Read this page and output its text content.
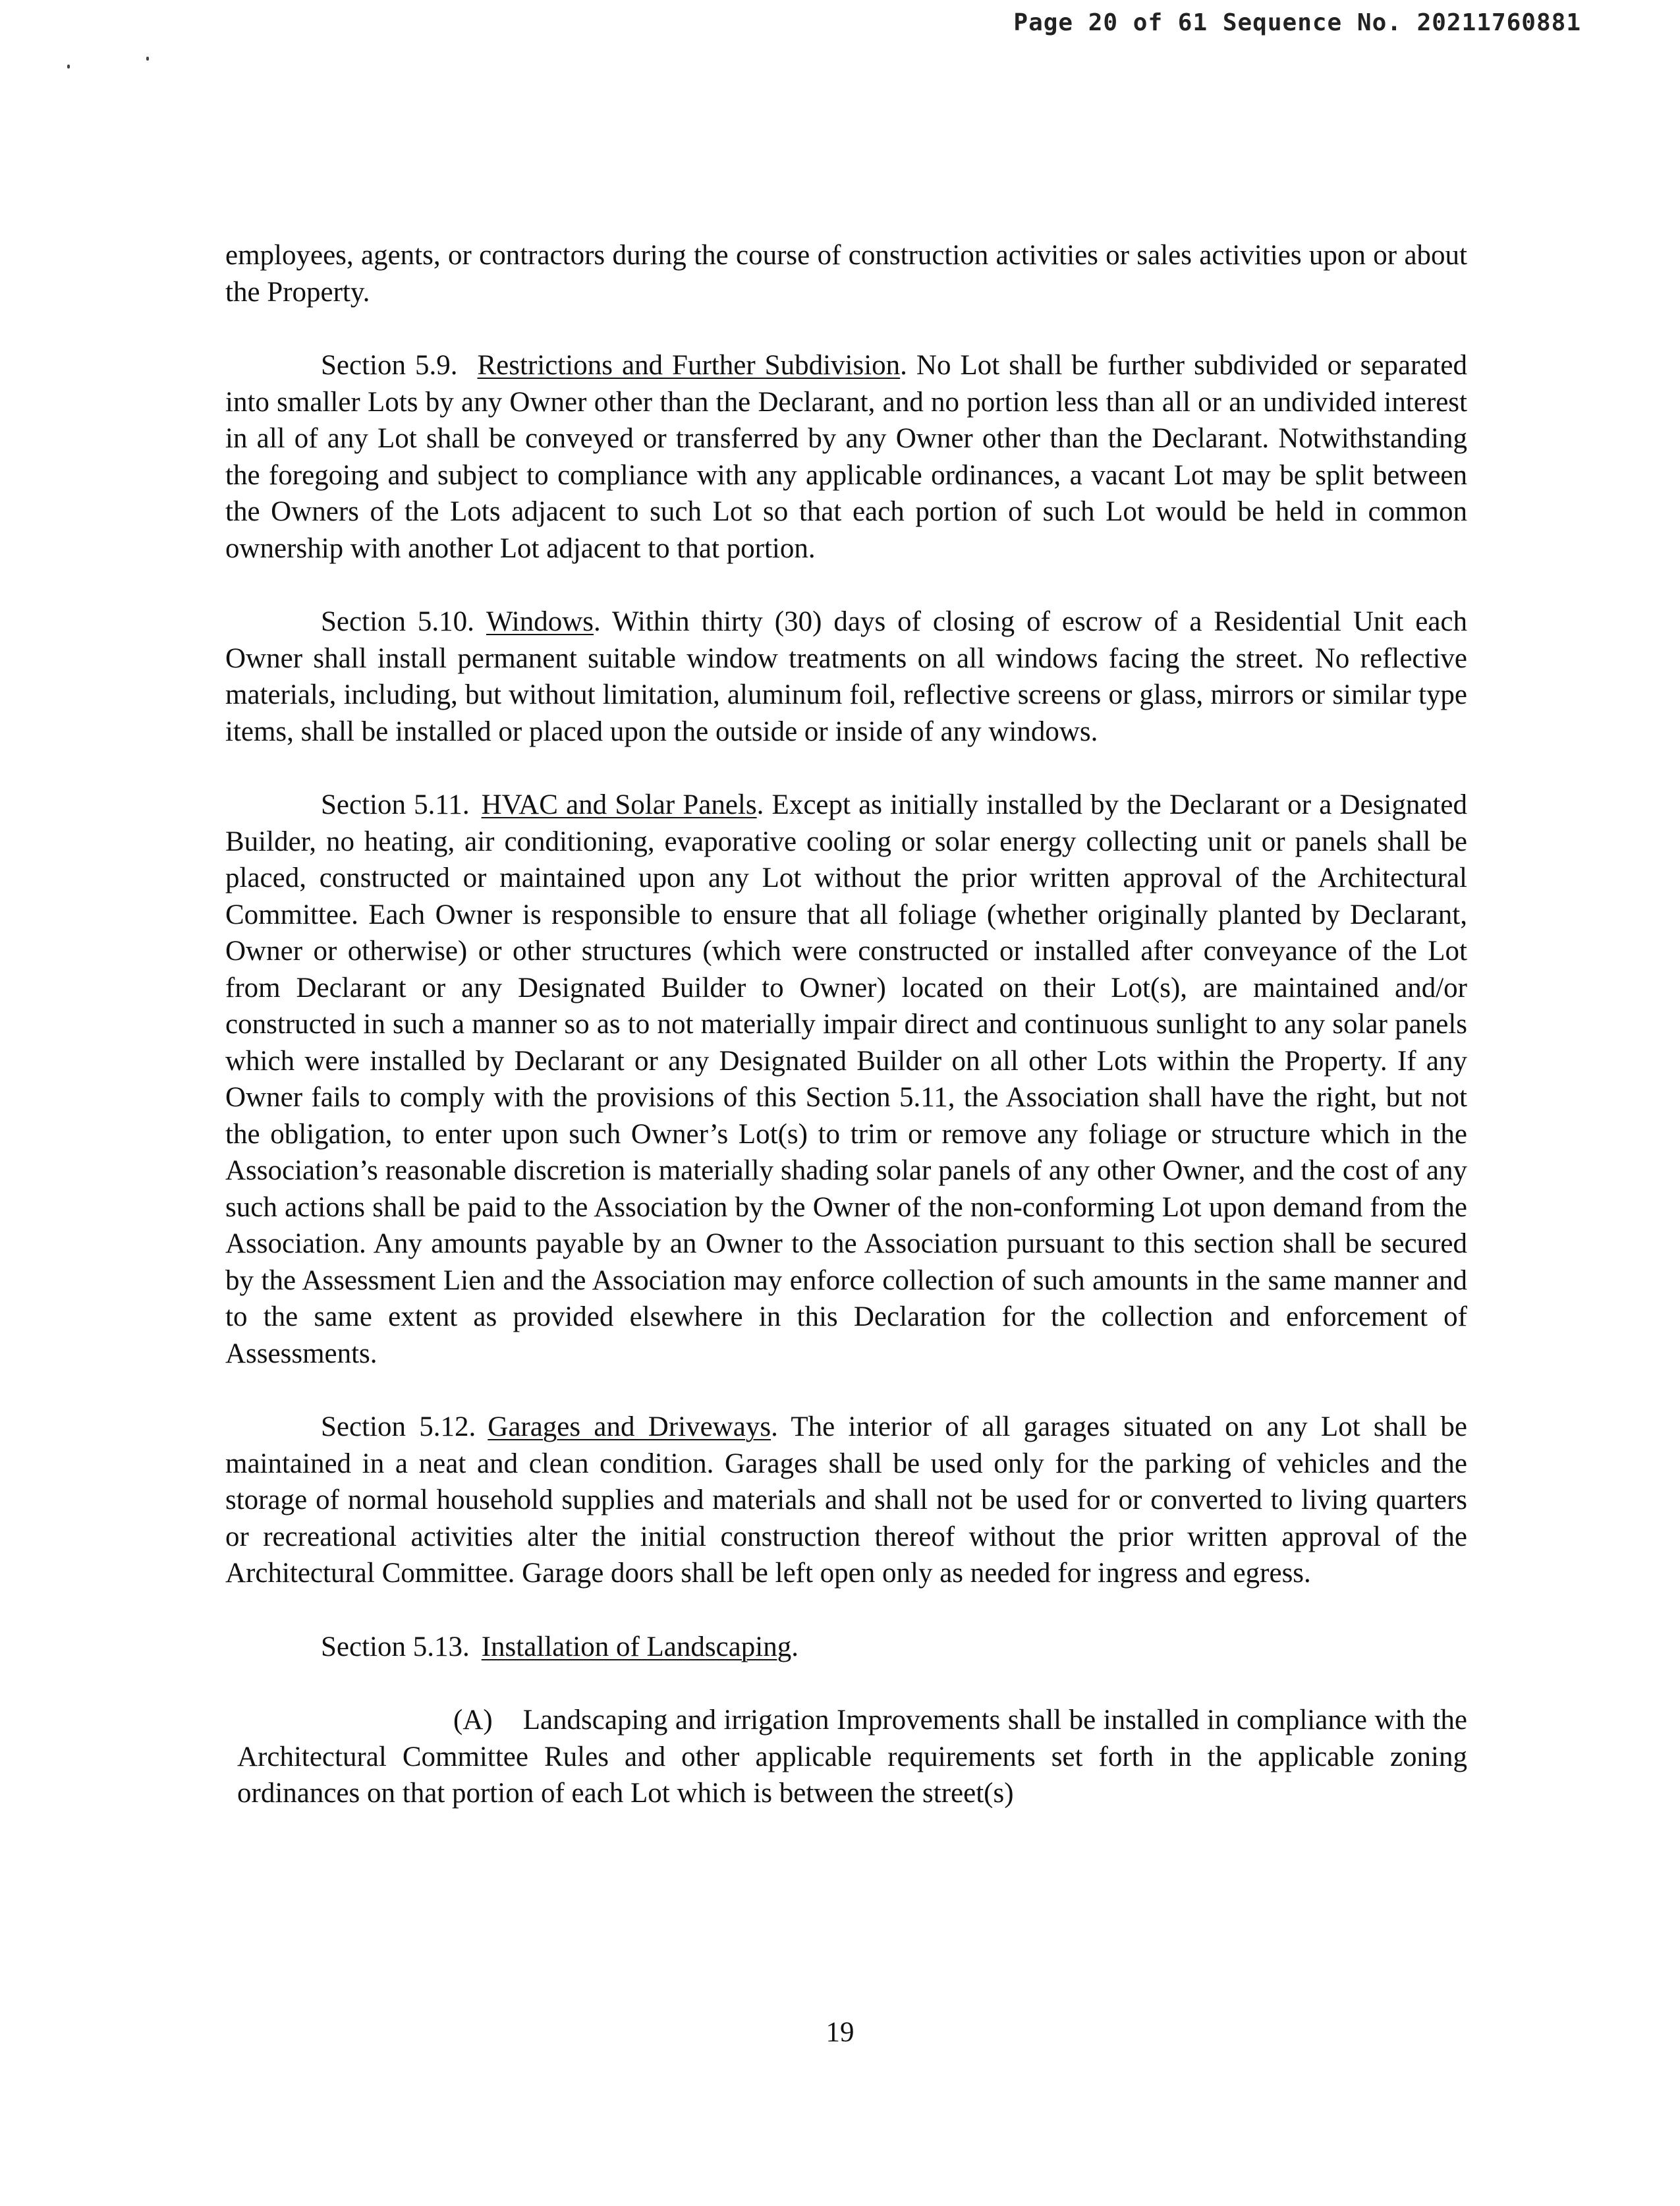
Page 20 of 61 Sequence No. 20211760881

employees, agents, or contractors during the course of construction activities or sales activities upon or about the Property.

Section 5.9. Restrictions and Further Subdivision. No Lot shall be further subdivided or separated into smaller Lots by any Owner other than the Declarant, and no portion less than all or an undivided interest in all of any Lot shall be conveyed or transferred by any Owner other than the Declarant. Notwithstanding the foregoing and subject to compliance with any applicable ordinances, a vacant Lot may be split between the Owners of the Lots adjacent to such Lot so that each portion of such Lot would be held in common ownership with another Lot adjacent to that portion.

Section 5.10. Windows. Within thirty (30) days of closing of escrow of a Residential Unit each Owner shall install permanent suitable window treatments on all windows facing the street. No reflective materials, including, but without limitation, aluminum foil, reflective screens or glass, mirrors or similar type items, shall be installed or placed upon the outside or inside of any windows.

Section 5.11. HVAC and Solar Panels. Except as initially installed by the Declarant or a Designated Builder, no heating, air conditioning, evaporative cooling or solar energy collecting unit or panels shall be placed, constructed or maintained upon any Lot without the prior written approval of the Architectural Committee. Each Owner is responsible to ensure that all foliage (whether originally planted by Declarant, Owner or otherwise) or other structures (which were constructed or installed after conveyance of the Lot from Declarant or any Designated Builder to Owner) located on their Lot(s), are maintained and/or constructed in such a manner so as to not materially impair direct and continuous sunlight to any solar panels which were installed by Declarant or any Designated Builder on all other Lots within the Property. If any Owner fails to comply with the provisions of this Section 5.11, the Association shall have the right, but not the obligation, to enter upon such Owner’s Lot(s) to trim or remove any foliage or structure which in the Association’s reasonable discretion is materially shading solar panels of any other Owner, and the cost of any such actions shall be paid to the Association by the Owner of the non-conforming Lot upon demand from the Association. Any amounts payable by an Owner to the Association pursuant to this section shall be secured by the Assessment Lien and the Association may enforce collection of such amounts in the same manner and to the same extent as provided elsewhere in this Declaration for the collection and enforcement of Assessments.

Section 5.12. Garages and Driveways. The interior of all garages situated on any Lot shall be maintained in a neat and clean condition. Garages shall be used only for the parking of vehicles and the storage of normal household supplies and materials and shall not be used for or converted to living quarters or recreational activities alter the initial construction thereof without the prior written approval of the Architectural Committee. Garage doors shall be left open only as needed for ingress and egress.

Section 5.13. Installation of Landscaping.

(A) Landscaping and irrigation Improvements shall be installed in compliance with the Architectural Committee Rules and other applicable requirements set forth in the applicable zoning ordinances on that portion of each Lot which is between the street(s)

19
